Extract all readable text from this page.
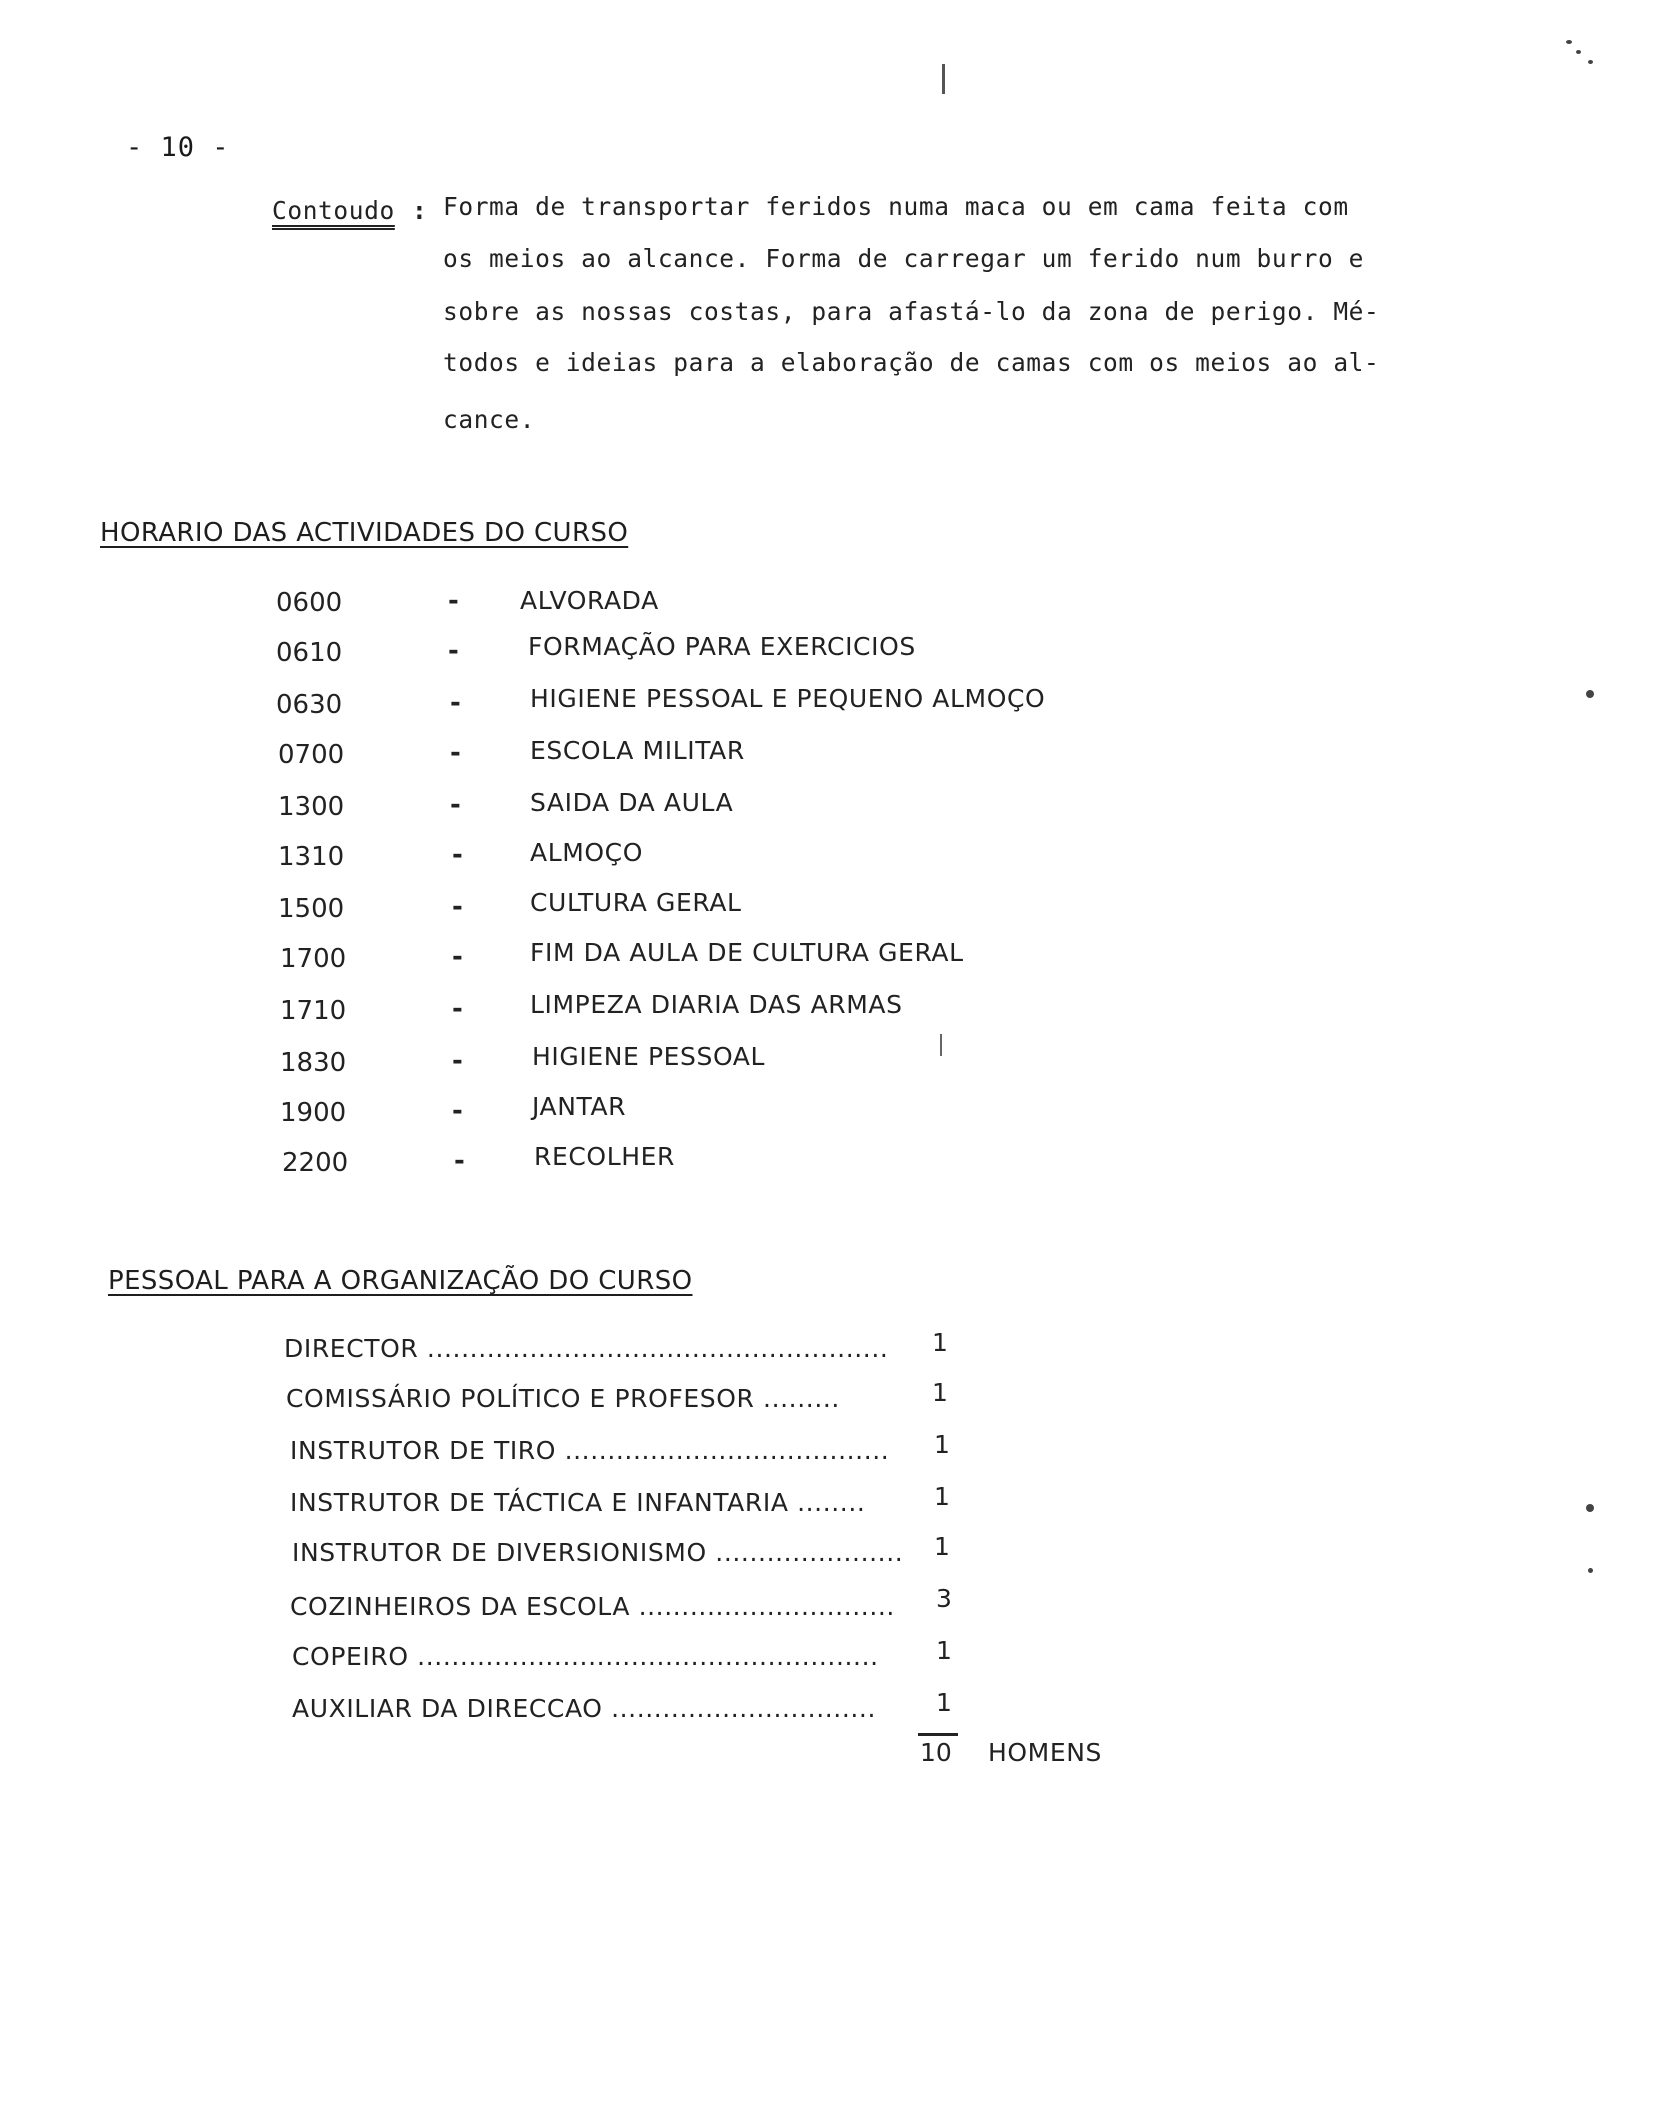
- 10 -
Contoudo : Forma de transportar feridos numa maca ou em cama feita com
os meios ao alcance. Forma de carregar um ferido num burro e
sobre as nossas costas, para afastá-lo da zona de perigo. Mé-
todos e ideias para a elaboração de camas com os meios ao al-
cance.
HORARIO DAS ACTIVIDADES DO CURSO
0600	- ALVORADA
0610	-	FORMAÇÃO PARA EXERCICIOS
0630	-	HIGIENE PESSOAL E PEQUENO ALMOÇO
0700	-	ESCOLA MILITAR
1300	-	SAIDA DA AULA
1310	-	ALMOÇO
1500	-	CULTURA GERAL
1700	-	FIM DA AULA DE CULTURA GERAL
1710	-	LIMPEZA DIARIA DAS ARMAS
1830	-	HIGIENE PESSOAL
1900	-	JANTAR
2200	-	RECOLHER
PESSOAL PARA A ORGANIZAÇÃO DO CURSO
DIRECTOR ...................................................... 1
COMISSÁRIO POLÍTICO E PROFESOR .........	1
INSTRUTOR DE TIRO ...................................... 1
INSTRUTOR DE TÁCTICA E INFANTARIA ........	1
INSTRUTOR DE DIVERSIONISMO ...................... 1
COZINHEIROS DA ESCOLA .............................. 3
COPEIRO ...................................................... 1
AUXILIAR DA DIRECCAO ............................... 1
10 HOMENS
